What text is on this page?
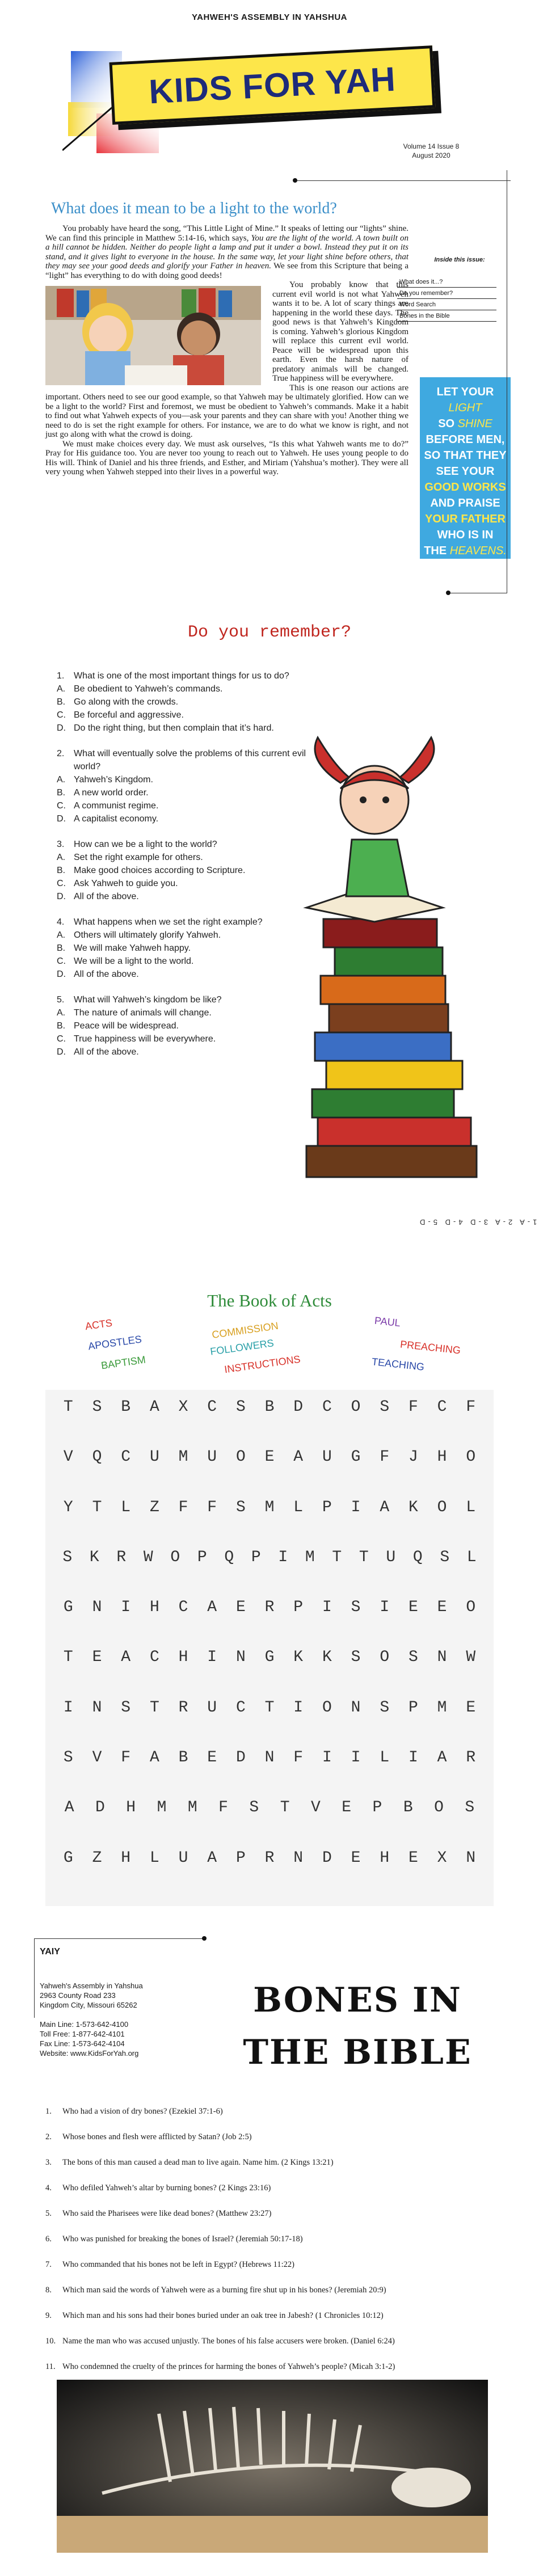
YAHWEH'S ASSEMBLY IN YAHSHUA
KIDS FOR YAH
Volume 14 Issue 8
August 2020
What does it mean to be a light to the world?

You probably have heard the song, “This Little Light of Mine.” It speaks of letting our “lights” shine. We can find this principle in Matthew 5:14-16, which says, You are the light of the world. A town built on a hill cannot be hidden. Neither do people light a lamp and put it under a bowl. Instead they put it on its stand, and it gives light to everyone in the house. In the same way, let your light shine before others, that they may see your good deeds and glorify your Father in heaven. We see from this Scripture that being a “light” has everything to do with doing good deeds!

You probably know that this current evil world is not what Yahweh wants it to be. A lot of scary things are happening in the world these days. The good news is that Yahweh’s Kingdom is coming. Yahweh’s glorious Kingdom will replace this current evil world. Peace will be widespread upon this earth. Even the harsh nature of predatory animals will be changed. True happiness will be everywhere.

This is one reason our actions are important. Others need to see our good example, so that Yahweh may be ultimately glorified. How can we be a light to the world? First and foremost, we must be obedient to Yahweh’s commands. Make it a habit to find out what Yahweh expects of you—ask your parents and they can share with you! Another thing we need to do is set the right example for others. For instance, we are to do what we know is right, and not just go along with what the crowd is doing.

We must make choices every day. We must ask ourselves, “Is this what Yahweh wants me to do?” Pray for His guidance too. You are never too young to reach out to Yahweh. He uses young people to do His will. Think of Daniel and his three friends, and Esther, and Miriam (Yahshua’s mother). They were all very young when Yahweh stepped into their lives in a powerful way.

Inside this issue:
What does it...?
Do you remember?
Word Search
Bones in the Bible
LET YOUR LIGHT
SO SHINE
BEFORE MEN,
SO THAT THEY
SEE YOUR
GOOD WORKS
AND PRAISE
YOUR FATHER
WHO IS IN
THE HEAVENS.
MATTHEW 5:16
Do you remember?
1.	What is one of the most important things for us to do?
A. Be obedient to Yahweh’s commands.
B. Go along with the crowds.
C. Be forceful and aggressive.
D. Do the right thing, but then complain that it’s hard.
2.	What will eventually solve the problems of this current evil world?
A. Yahweh’s Kingdom.
B. A new world order.
C. A communist regime.
D. A capitalist economy.
3.	How can we be a light to the world?
A. Set the right example for others.
B. Make good choices according to Scripture.
C. Ask Yahweh to guide you.
D. All of the above.
4.	What happens when we set the right example?
A. Others will ultimately glorify Yahweh.
B. We will make Yahweh happy.
C. We will be a light to the world.
D. All of the above.
5.	What will Yahweh’s kingdom be like?
A. The nature of animals will change.
B. Peace will be widespread.
C. True happiness will be everywhere.
D. All of the above.
1-A 2-A 3-D 4-D 5-D
The Book of Acts
ACTS
APOSTLES
BAPTISM
COMMISSION
FOLLOWERS
INSTRUCTIONS
PAUL
PREACHING
TEACHING
T	S	B	A	X	C	S	B	D	C	O	S	F	C	F
V	Q	C	U	M	U	O	E	A	U	G	F	J	H	O
Y	T	L	Z	F	F	S	M	L	P	I	A	K	O	L
S	K	R	W	O	P	Q	P	I	M	T	T	U	Q	S	L
G	N	I	H	C	A	E	R	P	I	S	I	E	E	O
T	E	A	C	H	I	N	G	K	K	S	O	S	N	W
I	N	S	T	R	U	C	T	I	O	N	S	P	M	E
S	V	F	A	B	E	D	N	F	I	I	L	I	A	R
A	D	H	M	M	F	S	T	V	E	P	B	O	S
G	Z	H	L	U	A	P	R	N	D	E	H	E	X	N
YAIY
Yahweh's Assembly in Yahshua
2963 County Road 233
Kingdom City, Missouri 65262
Main Line: 1-573-642-4100
Toll Free: 1-877-642-4101
Fax Line: 1-573-642-4104
Website: www.KidsForYah.org
BONES IN
THE BIBLE
1.	Who had a vision of dry bones? (Ezekiel 37:1-6)
2.	Whose bones and flesh were afflicted by Satan? (Job 2:5)
3.	The bons of this man caused a dead man to live again. Name him. (2 Kings 13:21)
4.	Who defiled Yahweh’s altar by burning bones? (2 Kings 23:16)
5.	Who said the Pharisees were like dead bones? (Matthew 23:27)
6.	Who was punished for breaking the bones of Israel? (Jeremiah 50:17-18)
7.	Who commanded that his bones not be left in Egypt? (Hebrews 11:22)
8.	Which man said the words of Yahweh were as a burning fire shut up in his bones? (Jeremiah 20:9)
9.	Which man and his sons had their bones buried under an oak tree in Jabesh? (1 Chronicles 10:12)
10. Name the man who was accused unjustly. The bones of his false accusers were broken. (Daniel 6:24)
11. Who condemned the cruelty of the princes for harming the bones of Yahweh’s people? (Micah 3:1-2)
